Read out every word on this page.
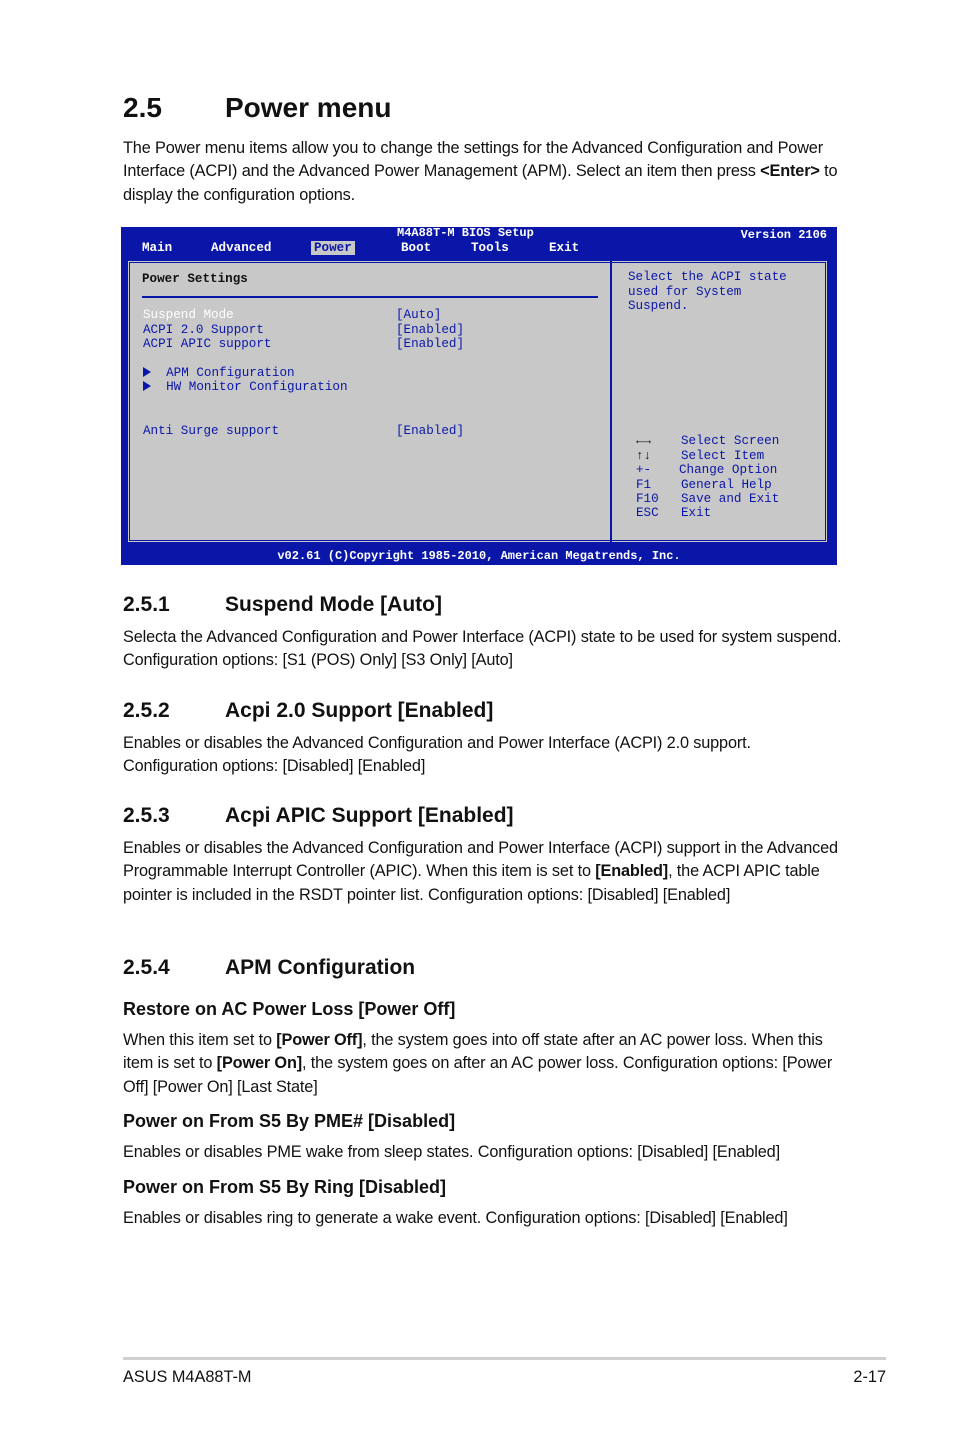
2.5 Power menu

The Power menu items allow you to change the settings for the Advanced Configuration and Power Interface (ACPI) and the Advanced Power Management (APM). Select an item then press <Enter> to display the configuration options.

M4A88T-M BIOS Setup	Version 2106
Main	Advanced	Power	Boot	Tools	Exit
Power Settings
Suspend Mode	[Auto]
ACPI 2.0 Support	[Enabled]
ACPI APIC support	[Enabled]
APM Configuration
HW Monitor Configuration
Anti Surge support	[Enabled]
Select the ACPI state
used for System
Suspend.
←→ Select Screen
↑↓ Select Item
+- Change Option
F1 General Help
F10 Save and Exit
ESC Exit
v02.61 (C)Copyright 1985-2010, American Megatrends, Inc.
2.5.1	Suspend Mode [Auto]

Selecta the Advanced Configuration and Power Interface (ACPI) state to be used for system suspend. Configuration options: [S1 (POS) Only] [S3 Only] [Auto]

2.5.2	Acpi 2.0 Support [Enabled]

Enables or disables the Advanced Configuration and Power Interface (ACPI) 2.0 support. Configuration options: [Disabled] [Enabled]

2.5.3	Acpi APIC Support [Enabled]

Enables or disables the Advanced Configuration and Power Interface (ACPI) support in the Advanced Programmable Interrupt Controller (APIC). When this item is set to [Enabled], the ACPI APIC table pointer is included in the RSDT pointer list. Configuration options: [Disabled] [Enabled]

2.5.4	APM Configuration
Restore on AC Power Loss [Power Off]

When this item set to [Power Off], the system goes into off state after an AC power loss. When this item is set to [Power On], the system goes on after an AC power loss. Configuration options: [Power Off] [Power On] [Last State]

Power on From S5 By PME# [Disabled]

Enables or disables PME wake from sleep states. Configuration options: [Disabled] [Enabled]

Power on From S5 By Ring [Disabled]

Enables or disables ring to generate a wake event. Configuration options: [Disabled] [Enabled]

ASUS M4A88T-M	2-17
